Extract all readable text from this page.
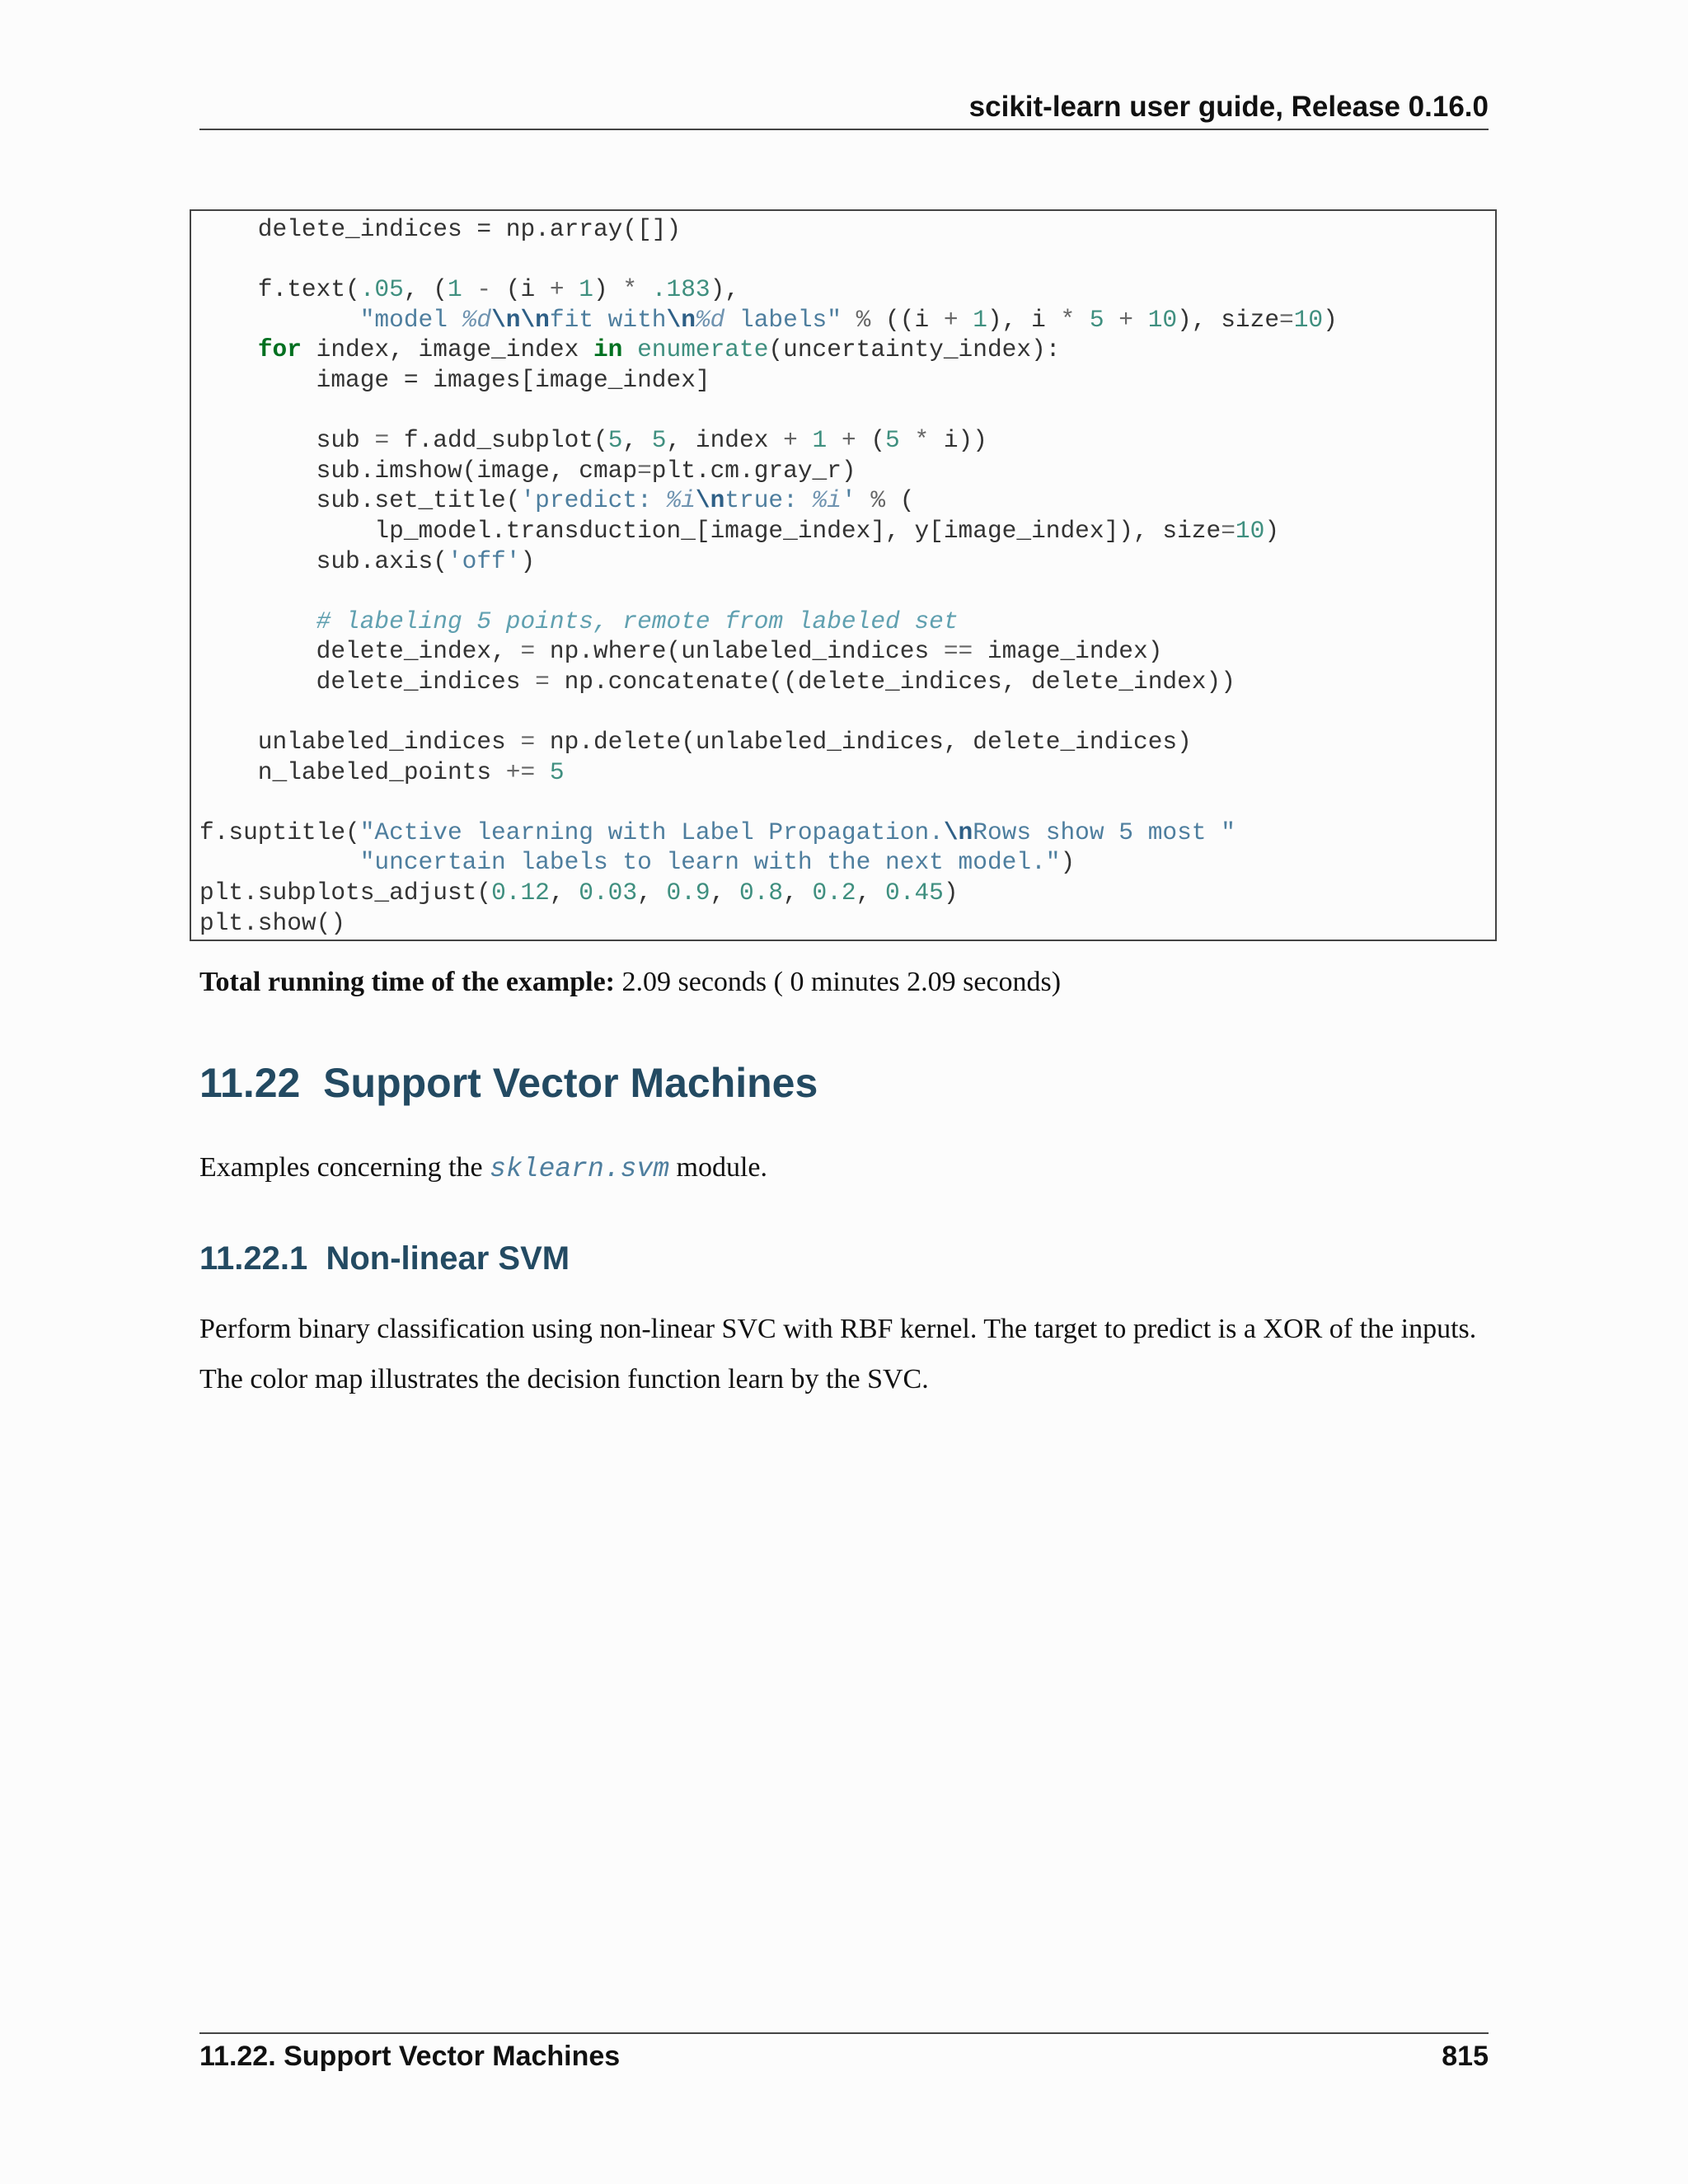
scikit-learn user guide, Release 0.16.0
delete_indices = np.array([])

f.text(.05, (1 - (i + 1) * .183),
"model %d\n\nfit with\n%d labels" % ((i + 1), i * 5 + 10), size=10)
for index, image_index in enumerate(uncertainty_index):
image = images[image_index]

sub = f.add_subplot(5, 5, index + 1 + (5 * i))
sub.imshow(image, cmap=plt.cm.gray_r)
sub.set_title('predict: %i\ntrue: %i' % (
lp_model.transduction_[image_index], y[image_index]), size=10)
sub.axis('off')

# labeling 5 points, remote from labeled set
delete_index, = np.where(unlabeled_indices == image_index)
delete_indices = np.concatenate((delete_indices, delete_index))

unlabeled_indices = np.delete(unlabeled_indices, delete_indices)
n_labeled_points += 5

f.suptitle("Active learning with Label Propagation.\nRows show 5 most "
"uncertain labels to learn with the next model.")
plt.subplots_adjust(0.12, 0.03, 0.9, 0.8, 0.2, 0.45)
plt.show()
Total running time of the example: 2.09 seconds ( 0 minutes 2.09 seconds)
11.22 Support Vector Machines
Examples concerning the sklearn.svm module.
11.22.1 Non-linear SVM
Perform binary classification using non-linear SVC with RBF kernel. The target to predict is a XOR of the inputs.
The color map illustrates the decision function learn by the SVC.
11.22. Support Vector Machines	815
